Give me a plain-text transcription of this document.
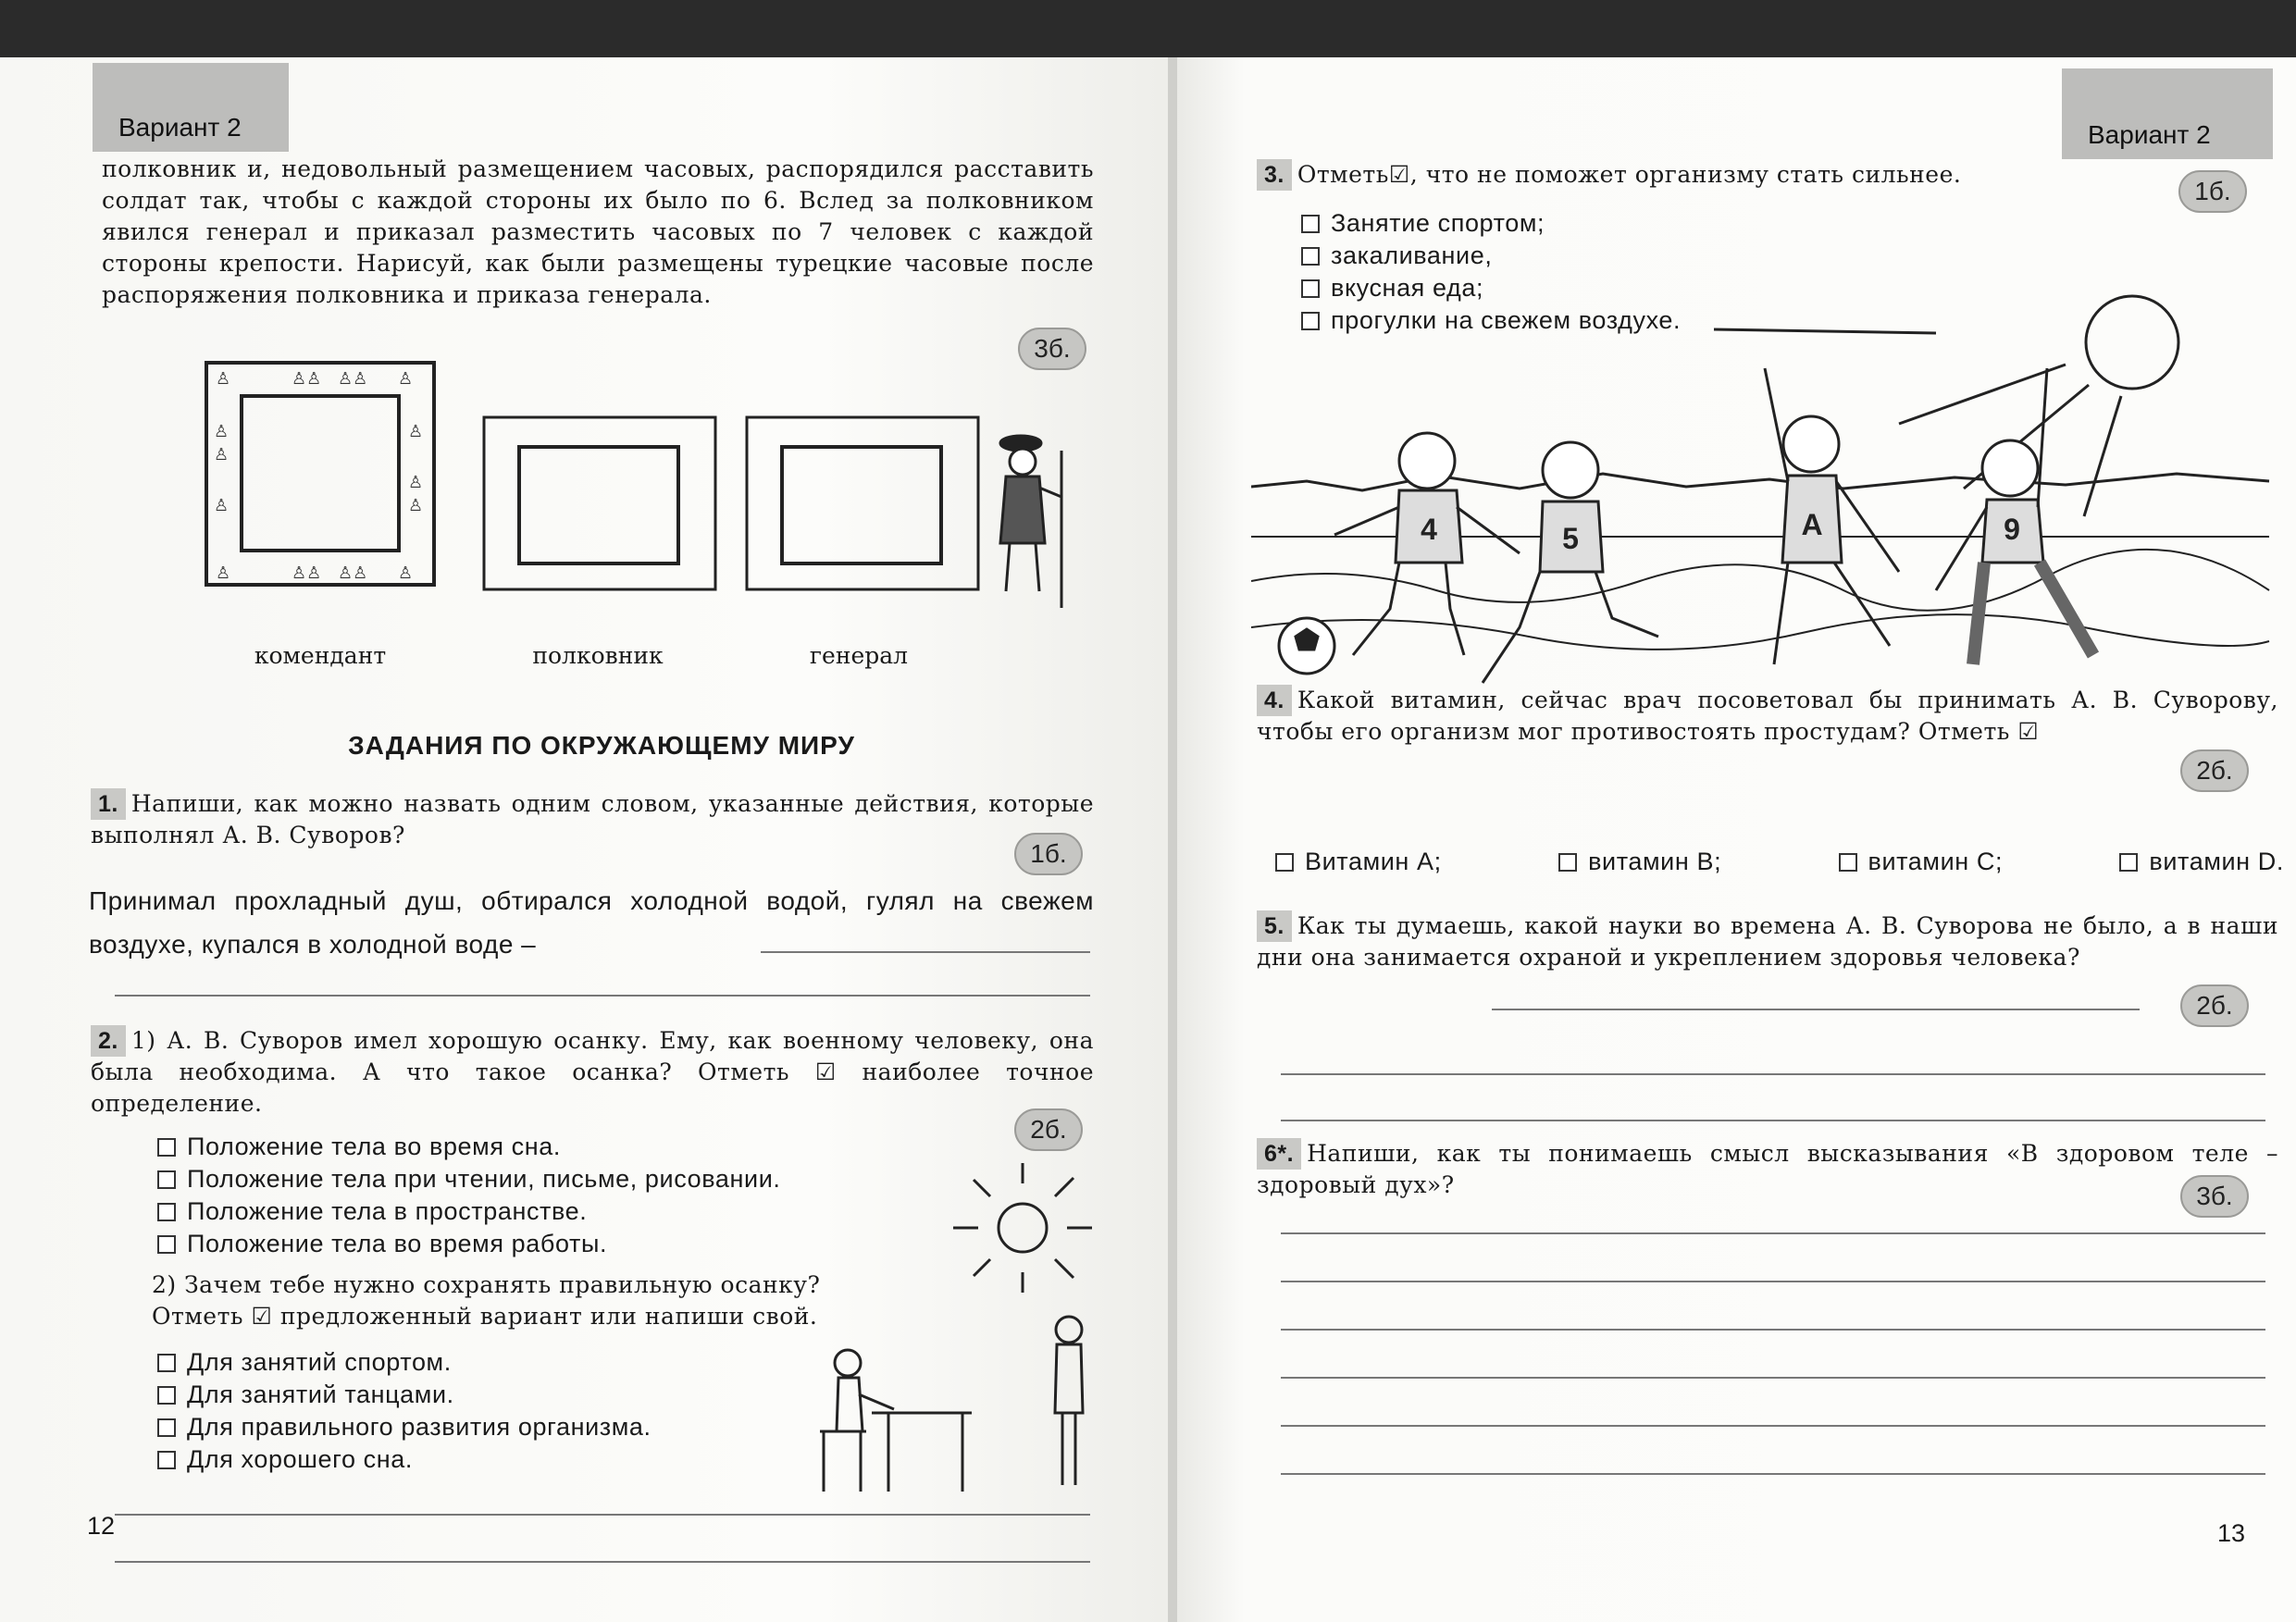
Вариант 2
полковник и, недовольный размещением часовых, распорядился расставить солдат так, чтобы с каждой стороны их было по 6. Вслед за полковником явился генерал и приказал разместить часовых по 7 человек с каждой стороны крепости. Нарисуй, как были размещены турецкие часовые после распоряжения полковника и приказа генерала.
3б.
♙	♙♙ ♙♙ ♙
♙	♙♙ ♙♙ ♙
♙
♙
♙
♙
♙
♙
комендант	полковник	генерал
ЗАДАНИЯ ПО ОКРУЖАЮЩЕМУ МИРУ
1. Напиши, как можно назвать одним словом, указанные действия, которые выполнял А. В. Суворов?
1б.
Принимал прохладный душ, обтирался холодной водой, гулял на свежем воздухе, купался в холодной воде –
2. 1) А. В. Суворов имел хорошую осанку. Ему, как военному человеку, она была необходима. А что такое осанка? Отметь ☑ наиболее точное определение.
2б.
Положение тела во время сна.
Положение тела при чтении, письме, рисовании.
Положение тела в пространстве.
Положение тела во время работы.
2) Зачем тебе нужно сохранять правильную осанку?
Отметь ☑ предложенный вариант или напиши свой.
Для занятий спортом.
Для занятий танцами.
Для правильного развития организма.
Для хорошего сна.
12
Вариант 2
3. Отметь☑, что не поможет организму стать сильнее.
1б.
Занятие спортом;
закаливание,
вкусная еда;
прогулки на свежем воздухе.
4	5	A	9
4. Какой витамин, сейчас врач посоветовал бы принимать А. В. Суворову, чтобы его организм мог противостоять простудам? Отметь ☑
2б.
Витамин А;	витамин В;	витамин С;	витамин D.
5. Как ты думаешь, какой науки во времена А. В. Суворова не было, а в наши дни она занимается охраной и укреплением здоровья человека?
2б.
6*. Напиши, как ты понимаешь смысл высказывания «В здоровом теле – здоровый дух»?	3б.
13
